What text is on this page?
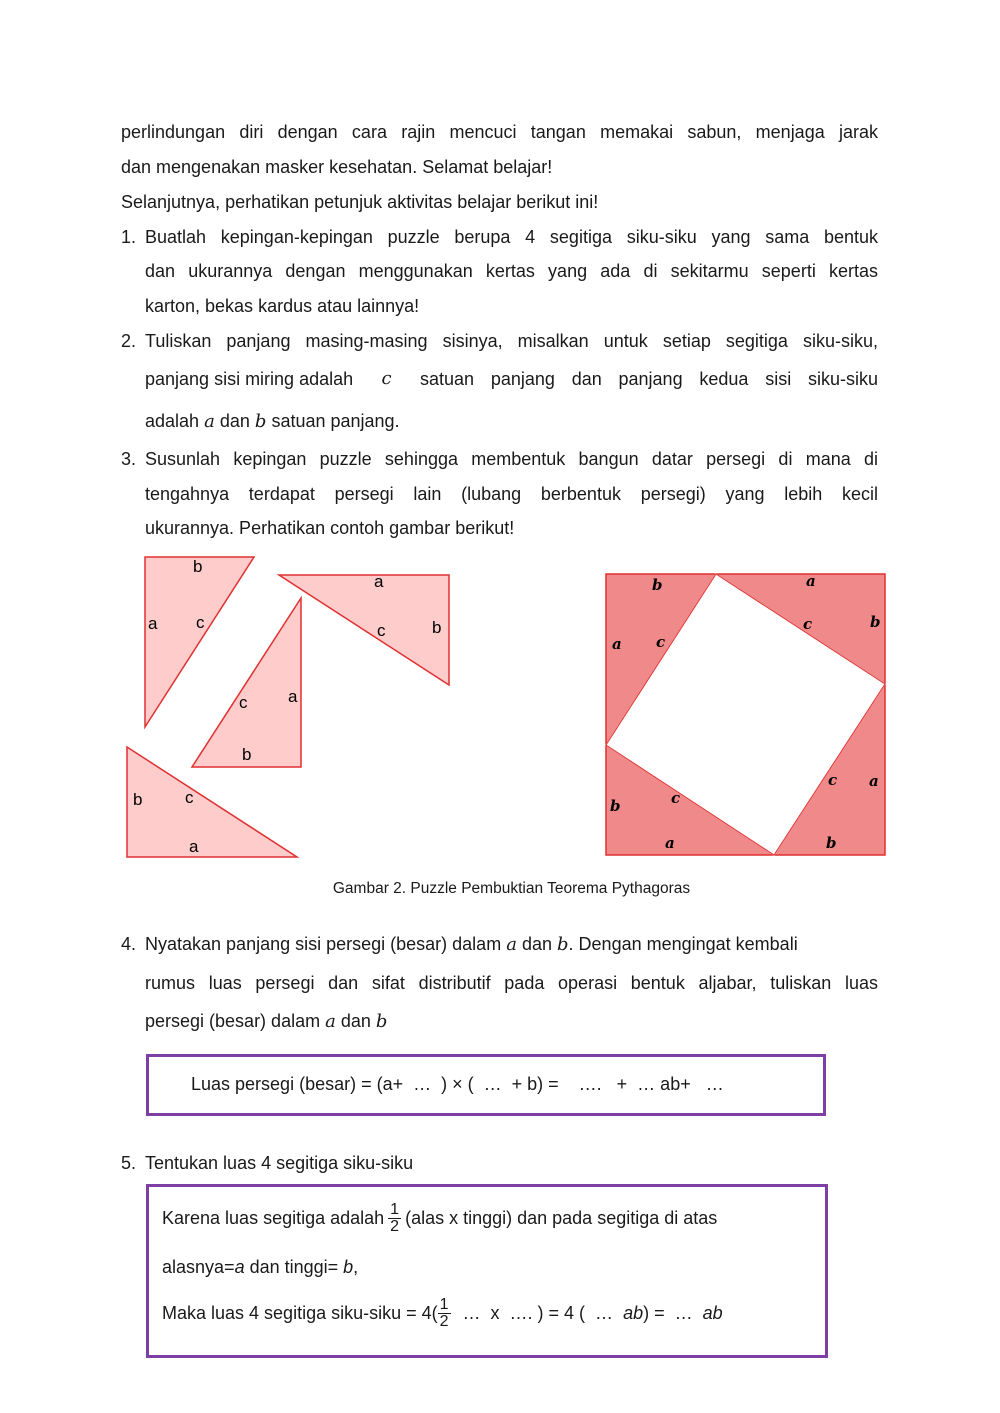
perlindungan diri dengan cara rajin mencuci tangan memakai sabun, menjaga jarak
dan mengenakan masker kesehatan. Selamat belajar!
Selanjutnya, perhatikan petunjuk aktivitas belajar berikut ini!
1. Buatlah kepingan-kepingan puzzle berupa 4 segitiga siku-siku yang sama bentuk
dan ukurannya dengan menggunakan kertas yang ada di sekitarmu seperti kertas
karton, bekas kardus atau lainnya!
2. Tuliskan panjang masing-masing sisinya, misalkan untuk setiap segitiga siku-siku,
panjang sisi miring adalah c satuan panjang dan panjang kedua sisi siku-siku
adalah a dan b satuan panjang.
3. Susunlah kepingan puzzle sehingga membentuk bangun datar persegi di mana di
tengahnya terdapat persegi lain (lubang berbentuk persegi) yang lebih kecil
ukurannya. Perhatikan contoh gambar berikut!
b
a c
a
c	b
a
c
b
b	c
a
b	a
a c
c	b
c a
b	c
a	b
Gambar 2. Puzzle Pembuktian Teorema Pythagoras
4. Nyatakan panjang sisi persegi (besar) dalam a dan b. Dengan mengingat kembali
rumus luas persegi dan sifat distributif pada operasi bentuk aljabar, tuliskan luas
persegi (besar) dalam a dan b
Luas persegi (besar) = (a+  …  ) × (  …  + b) =    ….   +  … ab+   …
5. Tentukan luas 4 segitiga siku-siku
Karena luas segitiga adalah $\frac{1}{2}$ (alas x tinggi) dan pada segitiga di atas
alasnya=a dan tinggi= b,
Maka luas 4 segitiga siku-siku = $4( \frac{1}{2}$ …  x  …. ) = 4 (  … ab ) =  … ab
